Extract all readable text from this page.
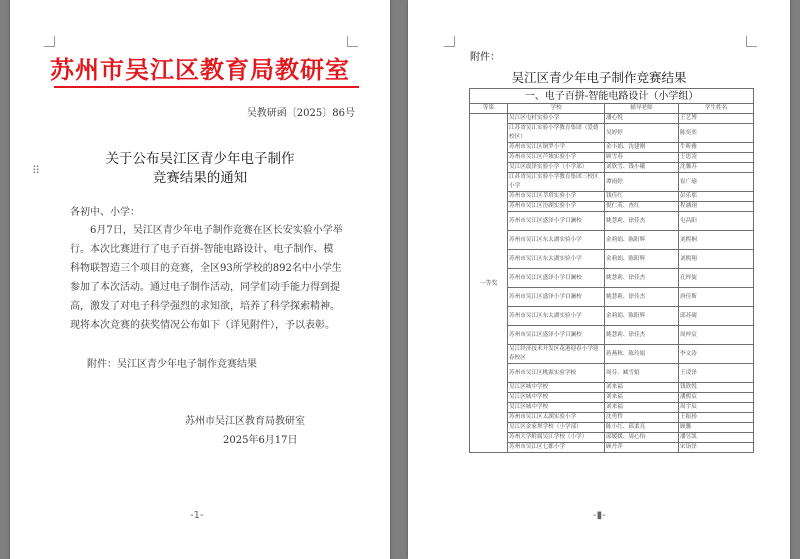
苏州市吴江区教育局教研室
吴教研函〔2025〕86号
⠿
关于公布吴江区青少年电子制作
竞赛结果的通知
各初中、小学：
6月7日，吴江区青少年电子制作竞赛在区长安实验小学举
行。本次比赛进行了电子百拼-智能电路设计、电子制作、模
科物联智造三个项目的竞赛，全区93所学校的892名中小学生
参加了本次活动。通过电子制作活动，同学们动手能力得到提
高，激发了对电子科学强烈的求知欲，培养了科学探索精神。
现将本次竞赛的获奖情况公布如下（详见附件），予以表彰。
附件：吴江区青少年电子制作竞赛结果
苏州市吴江区教育局教研室
2025年6月17日
-1-
附件：
吴江区青少年电子制作竞赛结果
一、电子百拼-智能电路设计（小学组）			
等第	学校	辅导老师	学生姓名
一等奖	吴江区屯村实验小学	潘心悦	王艺博
	江苏省吴江实验小学教育集团（爱德校区）	吴婷婷	陈奕奕
	苏州市吴江区铜罗小学	金丰娟、沈建刚	牛昕雅
	苏州市吴江区芦墟实验小学	顾雪春	王思凌
	吴江区震泽实验小学（小学部）	刘欣雪、钱小娥	沈馨苏
	江苏省吴江实验小学教育集团三校区小学	谭雨婷	崔广瑜
	苏州市吴江区莘塔实验小学	钱佳红	彭乐那
	苏州市吴江区汾湖实验小学	倪仁英、查红	程涵翊
	苏州市吴江区盛泽小学目澜校	姚慧莉、徐佳杰	屯昌阳
	苏州市吴江区东太湖实验小学	金莉娟、陈阳辉	刘熙桐
	苏州市吴江区东太湖实验小学	金莉娟、陈阳辉	刘熙翔
	苏州市吴江区盛泽小学目澜校	姚慧莉、徐佳杰	孔梓旋
	苏州市吴江区盛泽小学目澜校	姚慧莉、徐佳杰	唐佳斯
	苏州市吴江区东太湖实验小学	金莉娟、陈阳辉	邱苏砚
	苏州市吴江区盛泽小学目澜校	姚慧莉、徐佳杰	周梓宸
	吴江经济技术开发区花港迎春小学迎春校区	蒋燕秋、陈玲娟	李文涛
	苏州市吴江区桃源实验学校	周芬、臧雪娟	王凌泽
	吴江区城中学校	刘来福	钱欣悦
	吴江区城中学校	刘来福	潘熙宸
	吴江区城中学校	刘来福	周宇辰
	苏州市吴江区太湖实验小学	沈勇哲	王振扬
	吴江区金家坝学校（小学部）	陈小红、邱柔亮	顾馨
	苏州大学附属吴江学校（小学）	邱媛媛、周心怡	潘昱凯
	苏州市吴江区七都小学	顾丹萍	宋诣泽
-▮-
